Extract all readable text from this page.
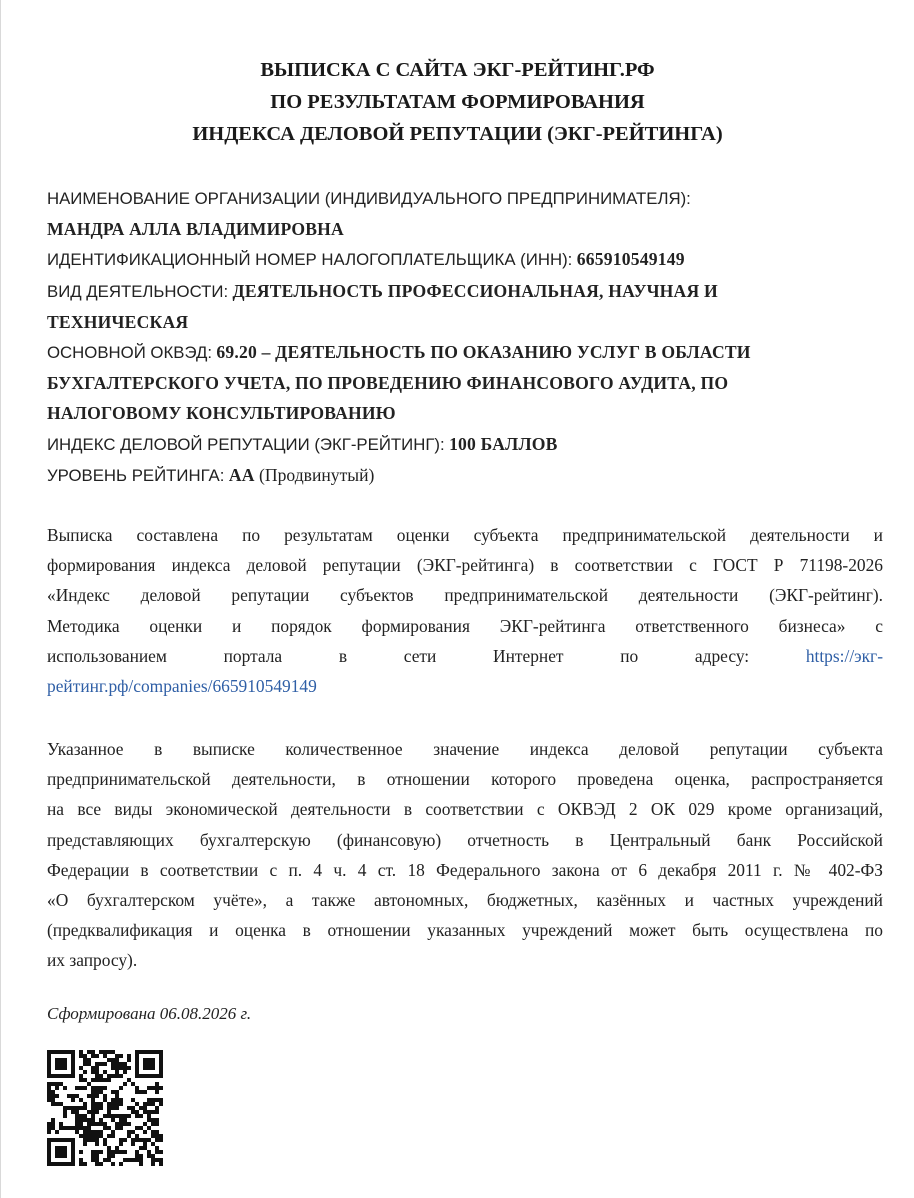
ВЫПИСКА С САЙТА ЭКГ-РЕЙТИНГ.РФ
ПО РЕЗУЛЬТАТАМ ФОРМИРОВАНИЯ
ИНДЕКСА ДЕЛОВОЙ РЕПУТАЦИИ (ЭКГ-РЕЙТИНГА)
НАИМЕНОВАНИЕ ОРГАНИЗАЦИИ (ИНДИВИДУАЛЬНОГО ПРЕДПРИНИМАТЕЛЯ):
МАНДРА АЛЛА ВЛАДИМИРОВНА
ИДЕНТИФИКАЦИОННЫЙ НОМЕР НАЛОГОПЛАТЕЛЬЩИКА (ИНН): 665910549149
ВИД ДЕЯТЕЛЬНОСТИ: ДЕЯТЕЛЬНОСТЬ ПРОФЕССИОНАЛЬНАЯ, НАУЧНАЯ И
ТЕХНИЧЕСКАЯ
ОСНОВНОЙ ОКВЭД: 69.20 – ДЕЯТЕЛЬНОСТЬ ПО ОКАЗАНИЮ УСЛУГ В ОБЛАСТИ
БУХГАЛТЕРСКОГО УЧЕТА, ПО ПРОВЕДЕНИЮ ФИНАНСОВОГО АУДИТА, ПО
НАЛОГОВОМУ КОНСУЛЬТИРОВАНИЮ
ИНДЕКС ДЕЛОВОЙ РЕПУТАЦИИ (ЭКГ-РЕЙТИНГ): 100 БАЛЛОВ
УРОВЕНЬ РЕЙТИНГА: АА (Продвинутый)
Выписка составлена по результатам оценки субъекта предпринимательской деятельности и
формирования индекса деловой репутации (ЭКГ-рейтинга) в соответствии с ГОСТ Р 71198-2026
«Индекс деловой репутации субъектов предпринимательской деятельности (ЭКГ-рейтинг).
Методика оценки и порядок формирования ЭКГ-рейтинга ответственного бизнеса» с
использованием портала в сети Интернет по адресу:	https://экг-
рейтинг.рф/companies/665910549149
Указанное в выписке количественное значение индекса деловой репутации субъекта
предпринимательской деятельности, в отношении которого проведена оценка, распространяется
на все виды экономической деятельности в соответствии с ОКВЭД 2 ОК 029 кроме организаций,
представляющих бухгалтерскую (финансовую) отчетность в Центральный банк Российской
Федерации в соответствии с п. 4 ч. 4 ст. 18 Федерального закона от 6 декабря 2011 г. № 402-ФЗ
«О бухгалтерском учёте», а также автономных, бюджетных, казённых и частных учреждений
(предквалификация и оценка в отношении указанных учреждений может быть осуществлена по
их запросу).
Сформирована 06.08.2026 г.
